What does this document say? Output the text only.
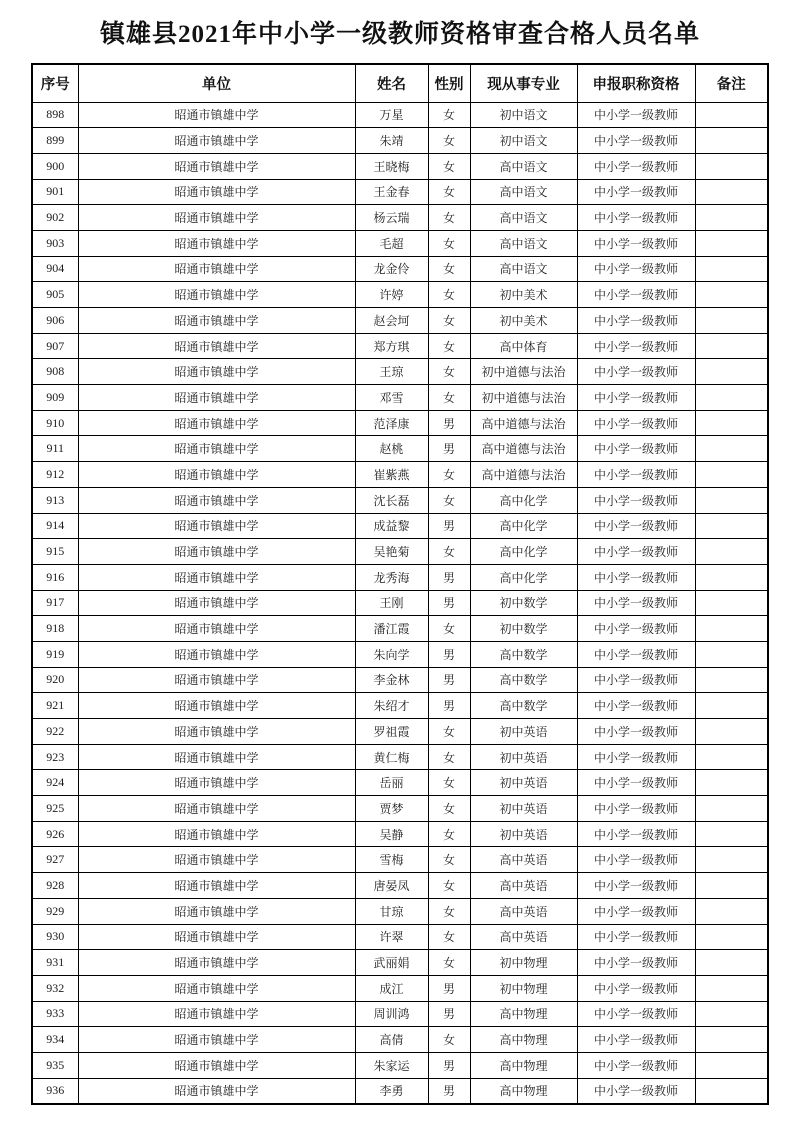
镇雄县2021年中小学一级教师资格审查合格人员名单
序号	单位	姓名	性别	现从事专业	申报职称资格	备注
898	昭通市镇雄中学	万星	女	初中语文	中小学一级教师	
899	昭通市镇雄中学	朱靖	女	初中语文	中小学一级教师	
900	昭通市镇雄中学	王晓梅	女	高中语文	中小学一级教师	
901	昭通市镇雄中学	王金春	女	高中语文	中小学一级教师	
902	昭通市镇雄中学	杨云瑞	女	高中语文	中小学一级教师	
903	昭通市镇雄中学	毛超	女	高中语文	中小学一级教师	
904	昭通市镇雄中学	龙金伶	女	高中语文	中小学一级教师	
905	昭通市镇雄中学	许婷	女	初中美术	中小学一级教师	
906	昭通市镇雄中学	赵会坷	女	初中美术	中小学一级教师	
907	昭通市镇雄中学	郑方琪	女	高中体育	中小学一级教师	
908	昭通市镇雄中学	王琼	女	初中道德与法治	中小学一级教师	
909	昭通市镇雄中学	邓雪	女	初中道德与法治	中小学一级教师	
910	昭通市镇雄中学	范泽康	男	高中道德与法治	中小学一级教师	
911	昭通市镇雄中学	赵桃	男	高中道德与法治	中小学一级教师	
912	昭通市镇雄中学	崔紫燕	女	高中道德与法治	中小学一级教师	
913	昭通市镇雄中学	沈长磊	女	高中化学	中小学一级教师	
914	昭通市镇雄中学	成益黎	男	高中化学	中小学一级教师	
915	昭通市镇雄中学	吴艳菊	女	高中化学	中小学一级教师	
916	昭通市镇雄中学	龙秀海	男	高中化学	中小学一级教师	
917	昭通市镇雄中学	王刚	男	初中数学	中小学一级教师	
918	昭通市镇雄中学	潘江霞	女	初中数学	中小学一级教师	
919	昭通市镇雄中学	朱向学	男	高中数学	中小学一级教师	
920	昭通市镇雄中学	李金林	男	高中数学	中小学一级教师	
921	昭通市镇雄中学	朱绍才	男	高中数学	中小学一级教师	
922	昭通市镇雄中学	罗祖霞	女	初中英语	中小学一级教师	
923	昭通市镇雄中学	黄仁梅	女	初中英语	中小学一级教师	
924	昭通市镇雄中学	岳丽	女	初中英语	中小学一级教师	
925	昭通市镇雄中学	贾梦	女	初中英语	中小学一级教师	
926	昭通市镇雄中学	吴静	女	初中英语	中小学一级教师	
927	昭通市镇雄中学	雪梅	女	高中英语	中小学一级教师	
928	昭通市镇雄中学	唐晏凤	女	高中英语	中小学一级教师	
929	昭通市镇雄中学	甘琼	女	高中英语	中小学一级教师	
930	昭通市镇雄中学	许翠	女	高中英语	中小学一级教师	
931	昭通市镇雄中学	武丽娟	女	初中物理	中小学一级教师	
932	昭通市镇雄中学	成江	男	初中物理	中小学一级教师	
933	昭通市镇雄中学	周训鸿	男	高中物理	中小学一级教师	
934	昭通市镇雄中学	高倩	女	高中物理	中小学一级教师	
935	昭通市镇雄中学	朱家运	男	高中物理	中小学一级教师	
936	昭通市镇雄中学	李勇	男	高中物理	中小学一级教师	
